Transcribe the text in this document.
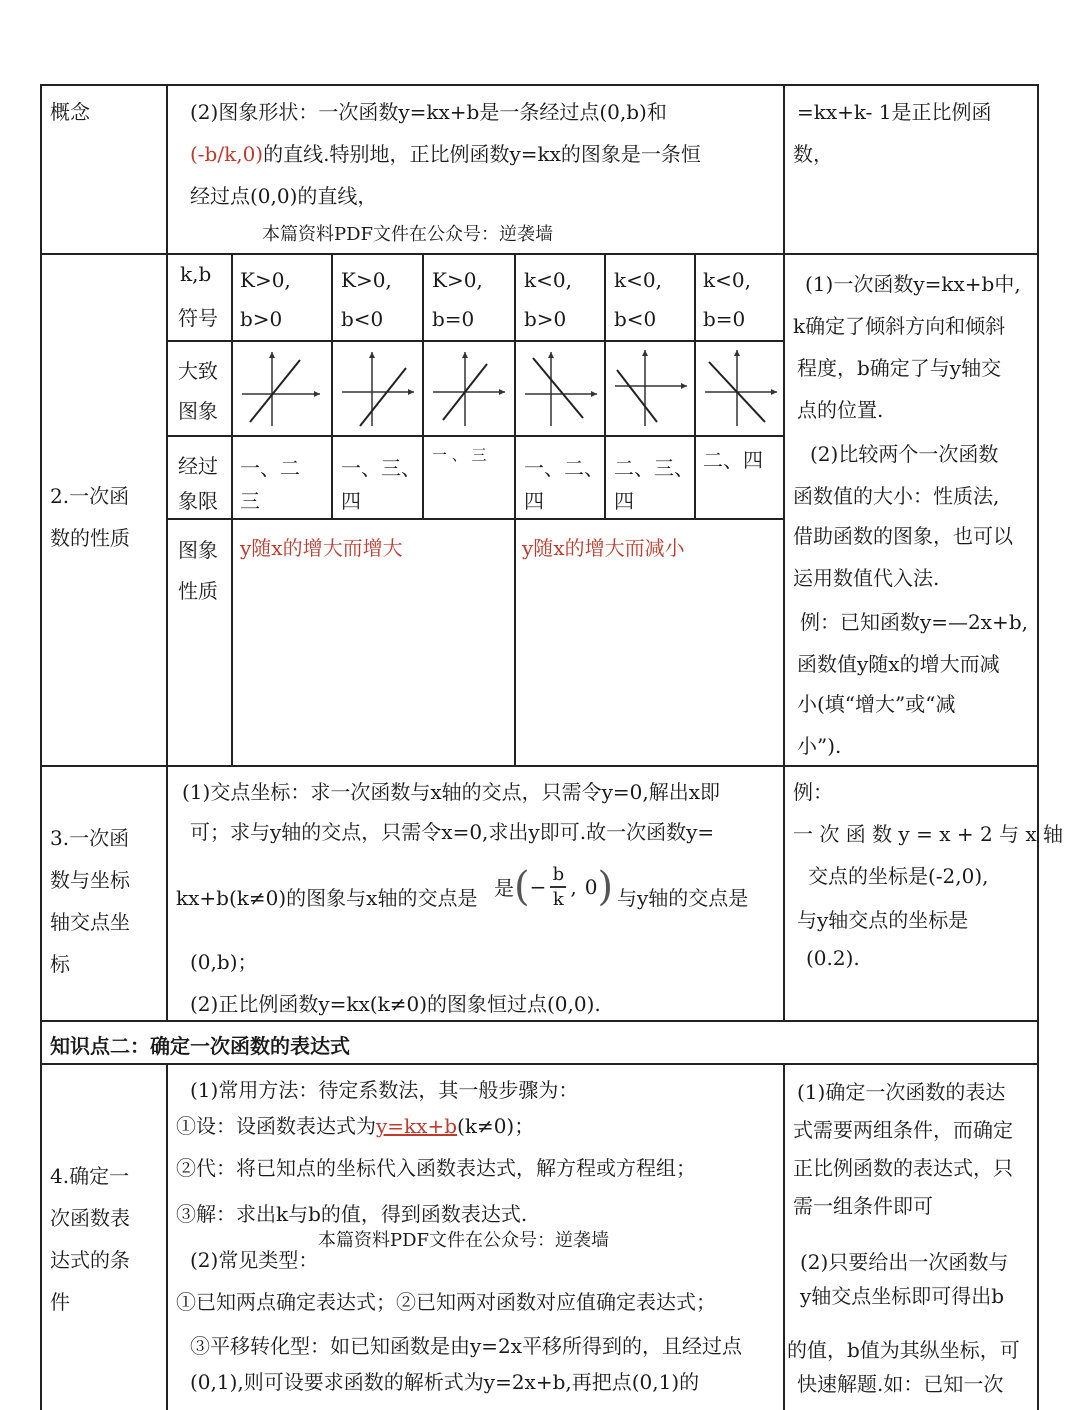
概念	(2)图象形状：一次函数y=kx+b是一条经过点(0,b)和
(-b/k,0)的直线.特别地，正比例函数y=kx的图象是一条恒
经过点(0,0)的直线，
本篇资料PDF文件在公众号：逆袭墙
=kx+k- 1是正比例函
数，
2.一次函
数的性质
k,b
符号
大致
图象
经过
象限
图象
性质
K>0,
b>0
K>0,
b<0
K>0,
b=0
k<0,
b>0
k<0,
b<0
k<0,
b=0
一、二
三
一、三、
四
一 、 三
一、二、
四
二、三、
四
二、四
y随x的增大而增大	y随x的增大而减小
(1)一次函数y=kx+b中,
k确定了倾斜方向和倾斜
程度，b确定了与y轴交
点的位置.
(2)比较两个一次函数
函数值的大小：性质法,
借助函数的图象，也可以
运用数值代入法.
例：已知函数y=—2x+b,
函数值y随x的增大而减
小(填“增大”或“减
小”).
3.一次函
数与坐标
轴交点坐
标
(1)交点坐标：求一次函数与x轴的交点，只需令y=0,解出x即
可；求与y轴的交点，只需令x=0,求出y即可.故一次函数y=
kx+b(k≠0)的图象与x轴的交点是 是 ( −
b
k
, 0 ) 与y轴的交点是
(0,b)；
(2)正比例函数y=kx(k≠0)的图象恒过点(0,0).
例：
一 次 函 数 y = x + 2 与 x 轴
交点的坐标是(-2,0),
与y轴交点的坐标是
(0.2).
知识点二：确定一次函数的表达式
4.确定一
次函数表
达式的条
件
(1)常用方法：待定系数法，其一般步骤为：
①设：设函数表达式为y=kx+b(k≠0)；
②代：将已知点的坐标代入函数表达式，解方程或方程组；
③解：求出k与b的值，得到函数表达式.
本篇资料PDF文件在公众号：逆袭墙
(2)常见类型：
①已知两点确定表达式；②已知两对函数对应值确定表达式；
③平移转化型：如已知函数是由y=2x平移所得到的，且经过点
(0,1),则可设要求函数的解析式为y=2x+b,再把点(0,1)的
(1)确定一次函数的表达
式需要两组条件，而确定
正比例函数的表达式，只
需一组条件即可
(2)只要给出一次函数与
y轴交点坐标即可得出b
的值，b值为其纵坐标，可
快速解题.如：已知一次
